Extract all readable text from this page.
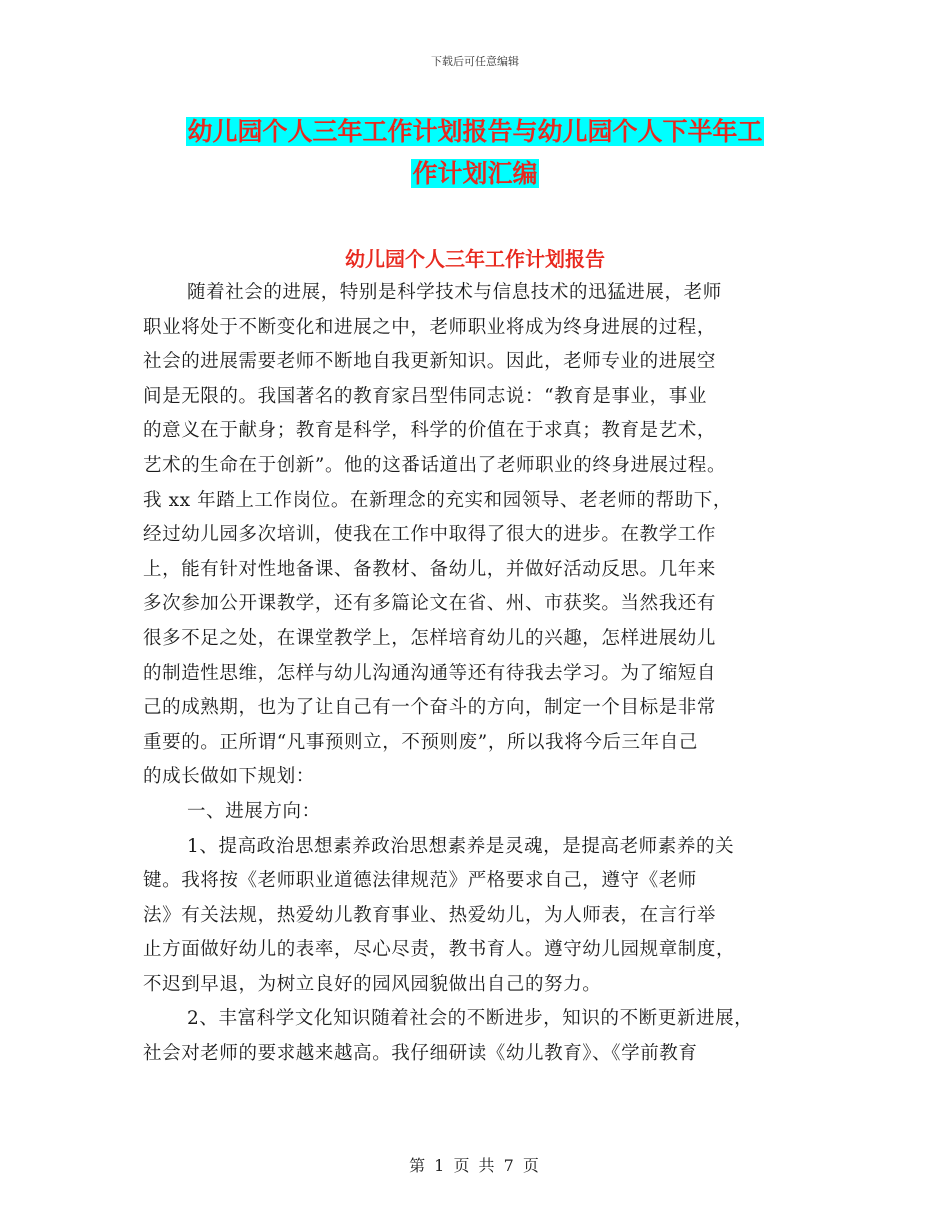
下载后可任意编辑
幼儿园个人三年工作计划报告与幼儿园个人下半年工
作计划汇编
幼儿园个人三年工作计划报告
随着社会的进展，特别是科学技术与信息技术的迅猛进展，老师
职业将处于不断变化和进展之中，老师职业将成为终身进展的过程，
社会的进展需要老师不断地自我更新知识。因此，老师专业的进展空
间是无限的。我国著名的教育家吕型伟同志说：“教育是事业，事业
的意义在于献身；教育是科学，科学的价值在于求真；教育是艺术，
艺术的生命在于创新”。他的这番话道出了老师职业的终身进展过程。
我 xx 年踏上工作岗位。在新理念的充实和园领导、老老师的帮助下，
经过幼儿园多次培训，使我在工作中取得了很大的进步。在教学工作
上，能有针对性地备课、备教材、备幼儿，并做好活动反思。几年来
多次参加公开课教学，还有多篇论文在省、州、市获奖。当然我还有
很多不足之处，在课堂教学上，怎样培育幼儿的兴趣，怎样进展幼儿
的制造性思维，怎样与幼儿沟通沟通等还有待我去学习。为了缩短自
己的成熟期，也为了让自己有一个奋斗的方向，制定一个目标是非常
重要的。正所谓“凡事预则立，不预则废”，所以我将今后三年自己
的成长做如下规划：
一、进展方向：
1、提高政治思想素养政治思想素养是灵魂，是提高老师素养的关
键。我将按《老师职业道德法律规范》严格要求自己，遵守《老师
法》有关法规，热爱幼儿教育事业、热爱幼儿，为人师表，在言行举
止方面做好幼儿的表率，尽心尽责，教书育人。遵守幼儿园规章制度，
不迟到早退，为树立良好的园风园貌做出自己的努力。
2、丰富科学文化知识随着社会的不断进步，知识的不断更新进展，
社会对老师的要求越来越高。我仔细研读《幼儿教育》、《学前教育
第 1 页 共 7 页
